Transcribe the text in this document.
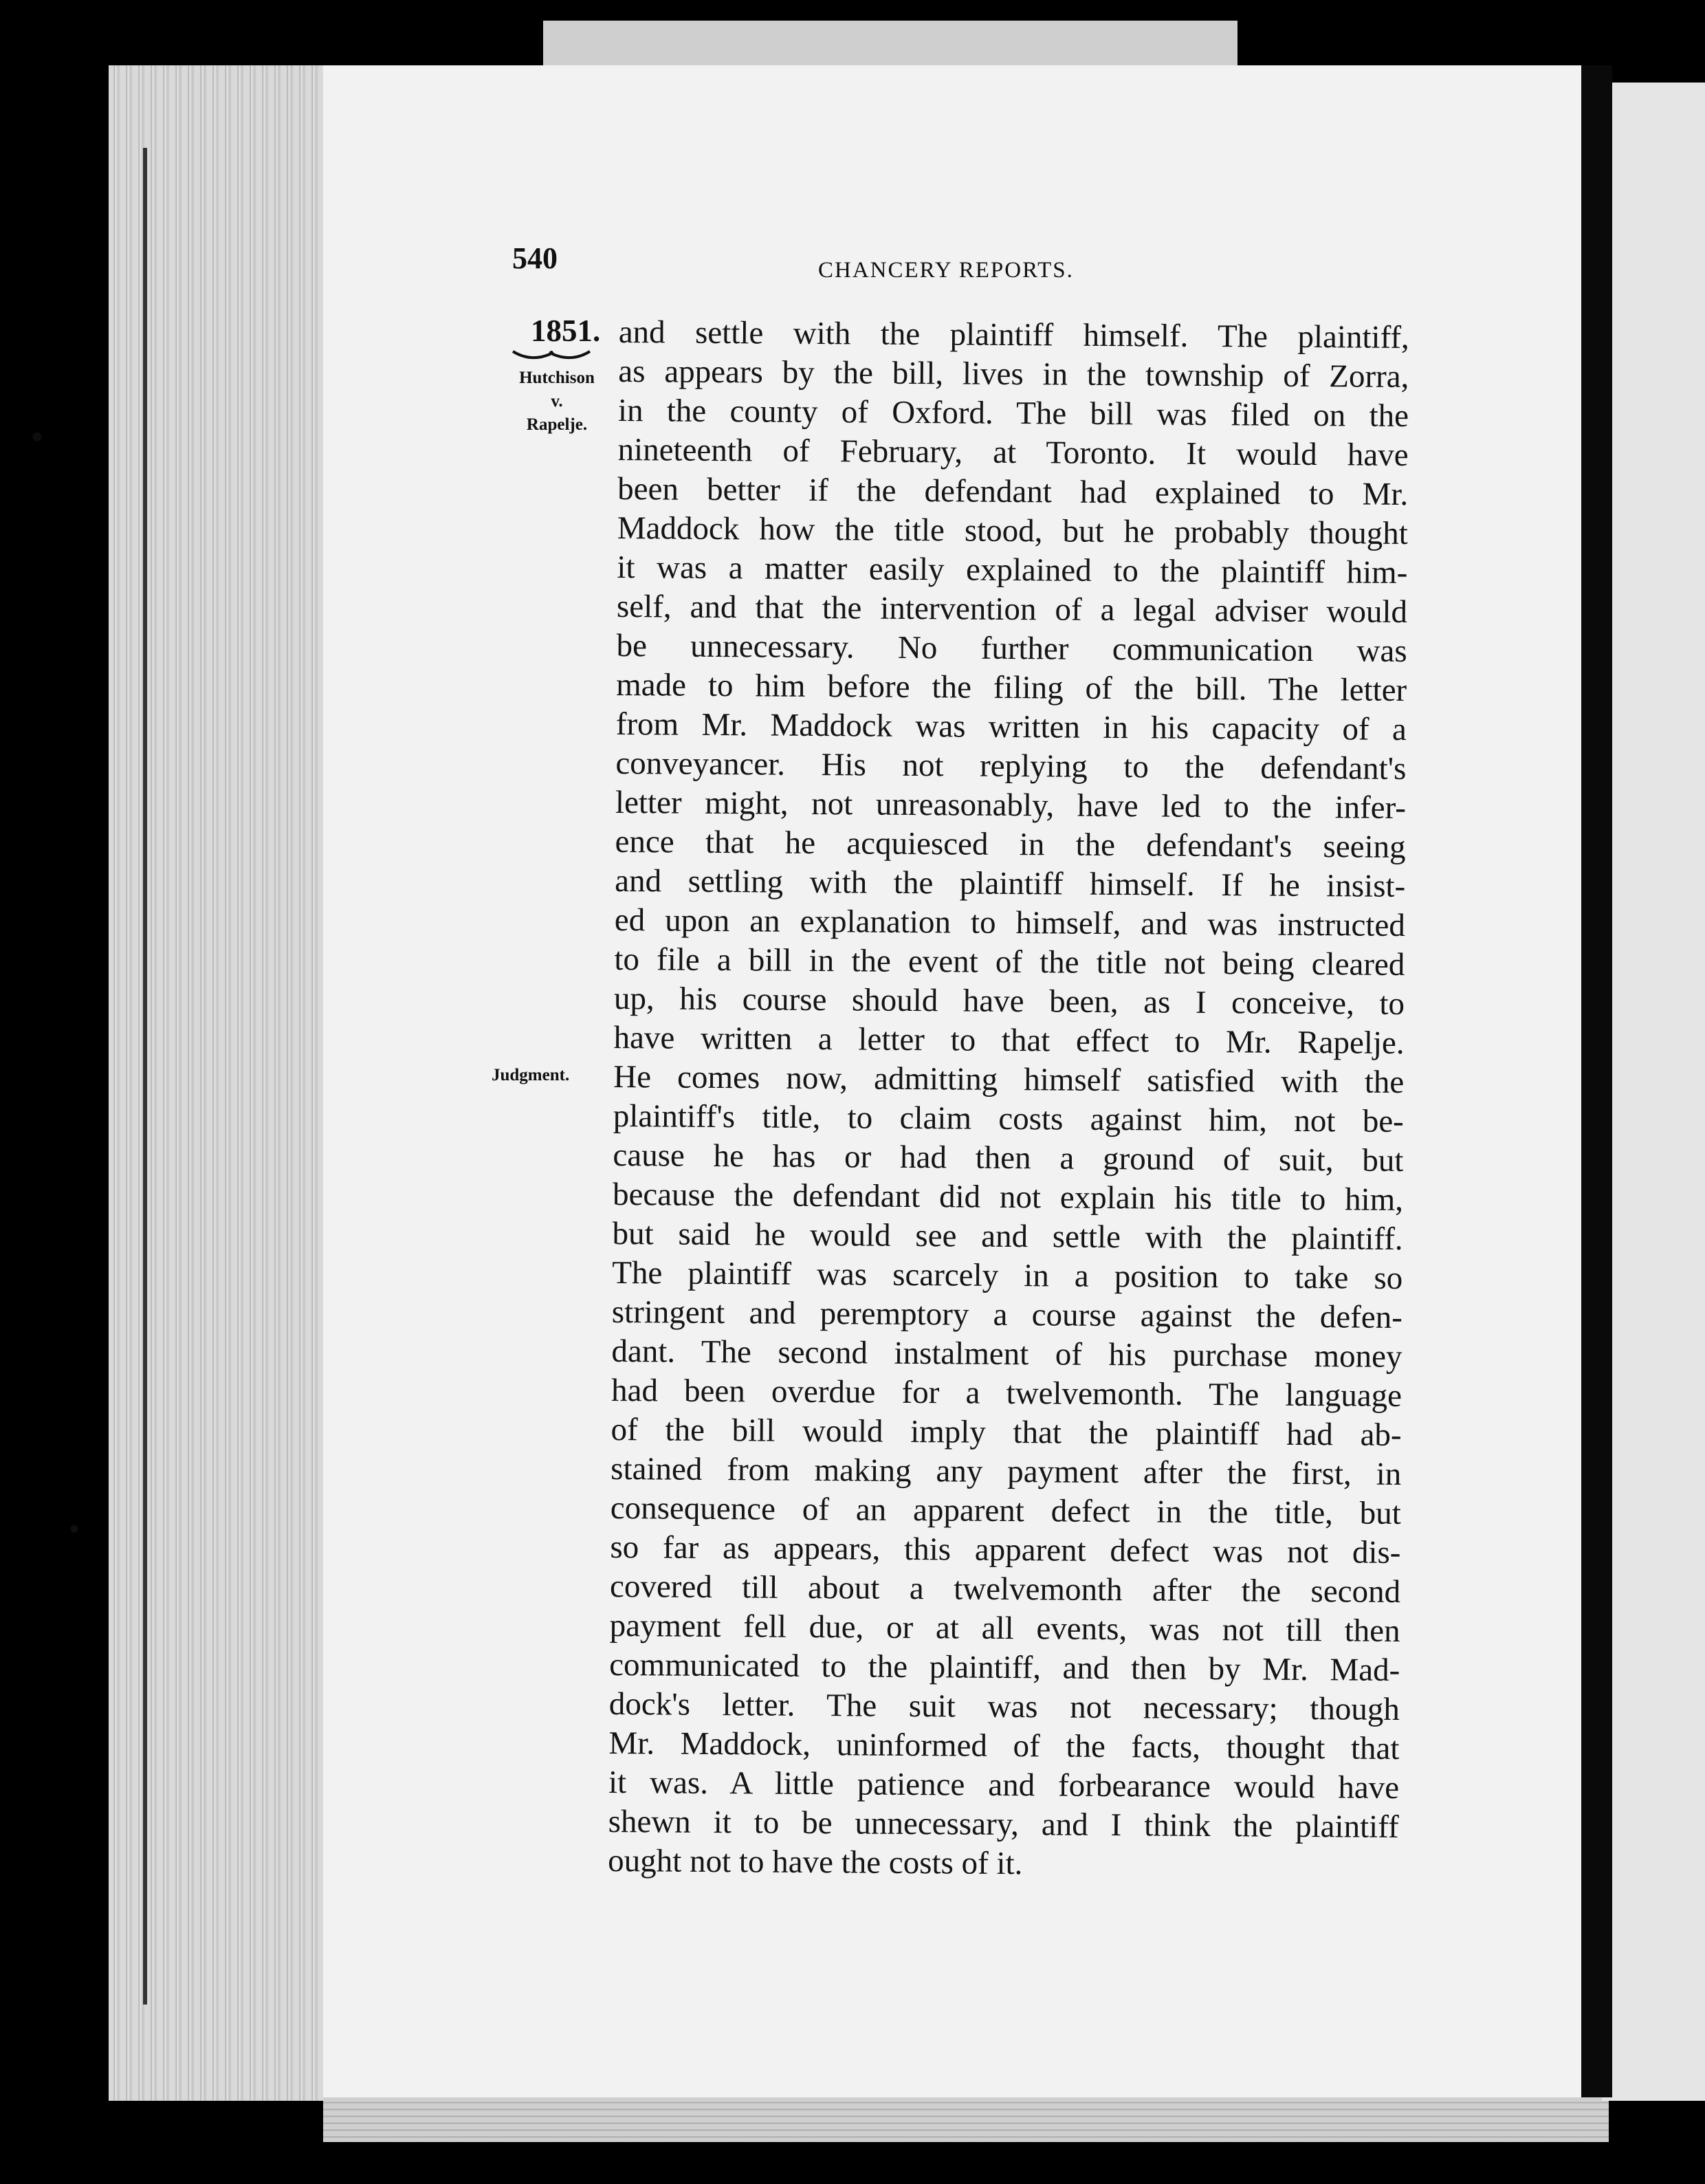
540	CHANCERY REPORTS.

1851.

Hutchison
v.
Rapelje.

Judgment.

and settle with the plaintiff himself. The plaintiff,
as appears by the bill, lives in the township of Zorra,
in the county of Oxford. The bill was filed on the
nineteenth of February, at Toronto. It would have
been better if the defendant had explained to Mr.
Maddock how the title stood, but he probably thought
it was a matter easily explained to the plaintiff him-
self, and that the intervention of a legal adviser would
be unnecessary. No further communication was
made to him before the filing of the bill. The letter
from Mr. Maddock was written in his capacity of a
conveyancer. His not replying to the defendant's
letter might, not unreasonably, have led to the infer-
ence that he acquiesced in the defendant's seeing
and settling with the plaintiff himself. If he insist-
ed upon an explanation to himself, and was instructed
to file a bill in the event of the title not being cleared
up, his course should have been, as I conceive, to
have written a letter to that effect to Mr. Rapelje.
He comes now, admitting himself satisfied with the
plaintiff's title, to claim costs against him, not be-
cause he has or had then a ground of suit, but
because the defendant did not explain his title to him,
but said he would see and settle with the plaintiff.
The plaintiff was scarcely in a position to take so
stringent and peremptory a course against the defen-
dant. The second instalment of his purchase money
had been overdue for a twelvemonth. The language
of the bill would imply that the plaintiff had ab-
stained from making any payment after the first, in
consequence of an apparent defect in the title, but
so far as appears, this apparent defect was not dis-
covered till about a twelvemonth after the second
payment fell due, or at all events, was not till then
communicated to the plaintiff, and then by Mr. Mad-
dock's letter. The suit was not necessary; though
Mr. Maddock, uninformed of the facts, thought that
it was. A little patience and forbearance would have
shewn it to be unnecessary, and I think the plaintiff
ought not to have the costs of it.
